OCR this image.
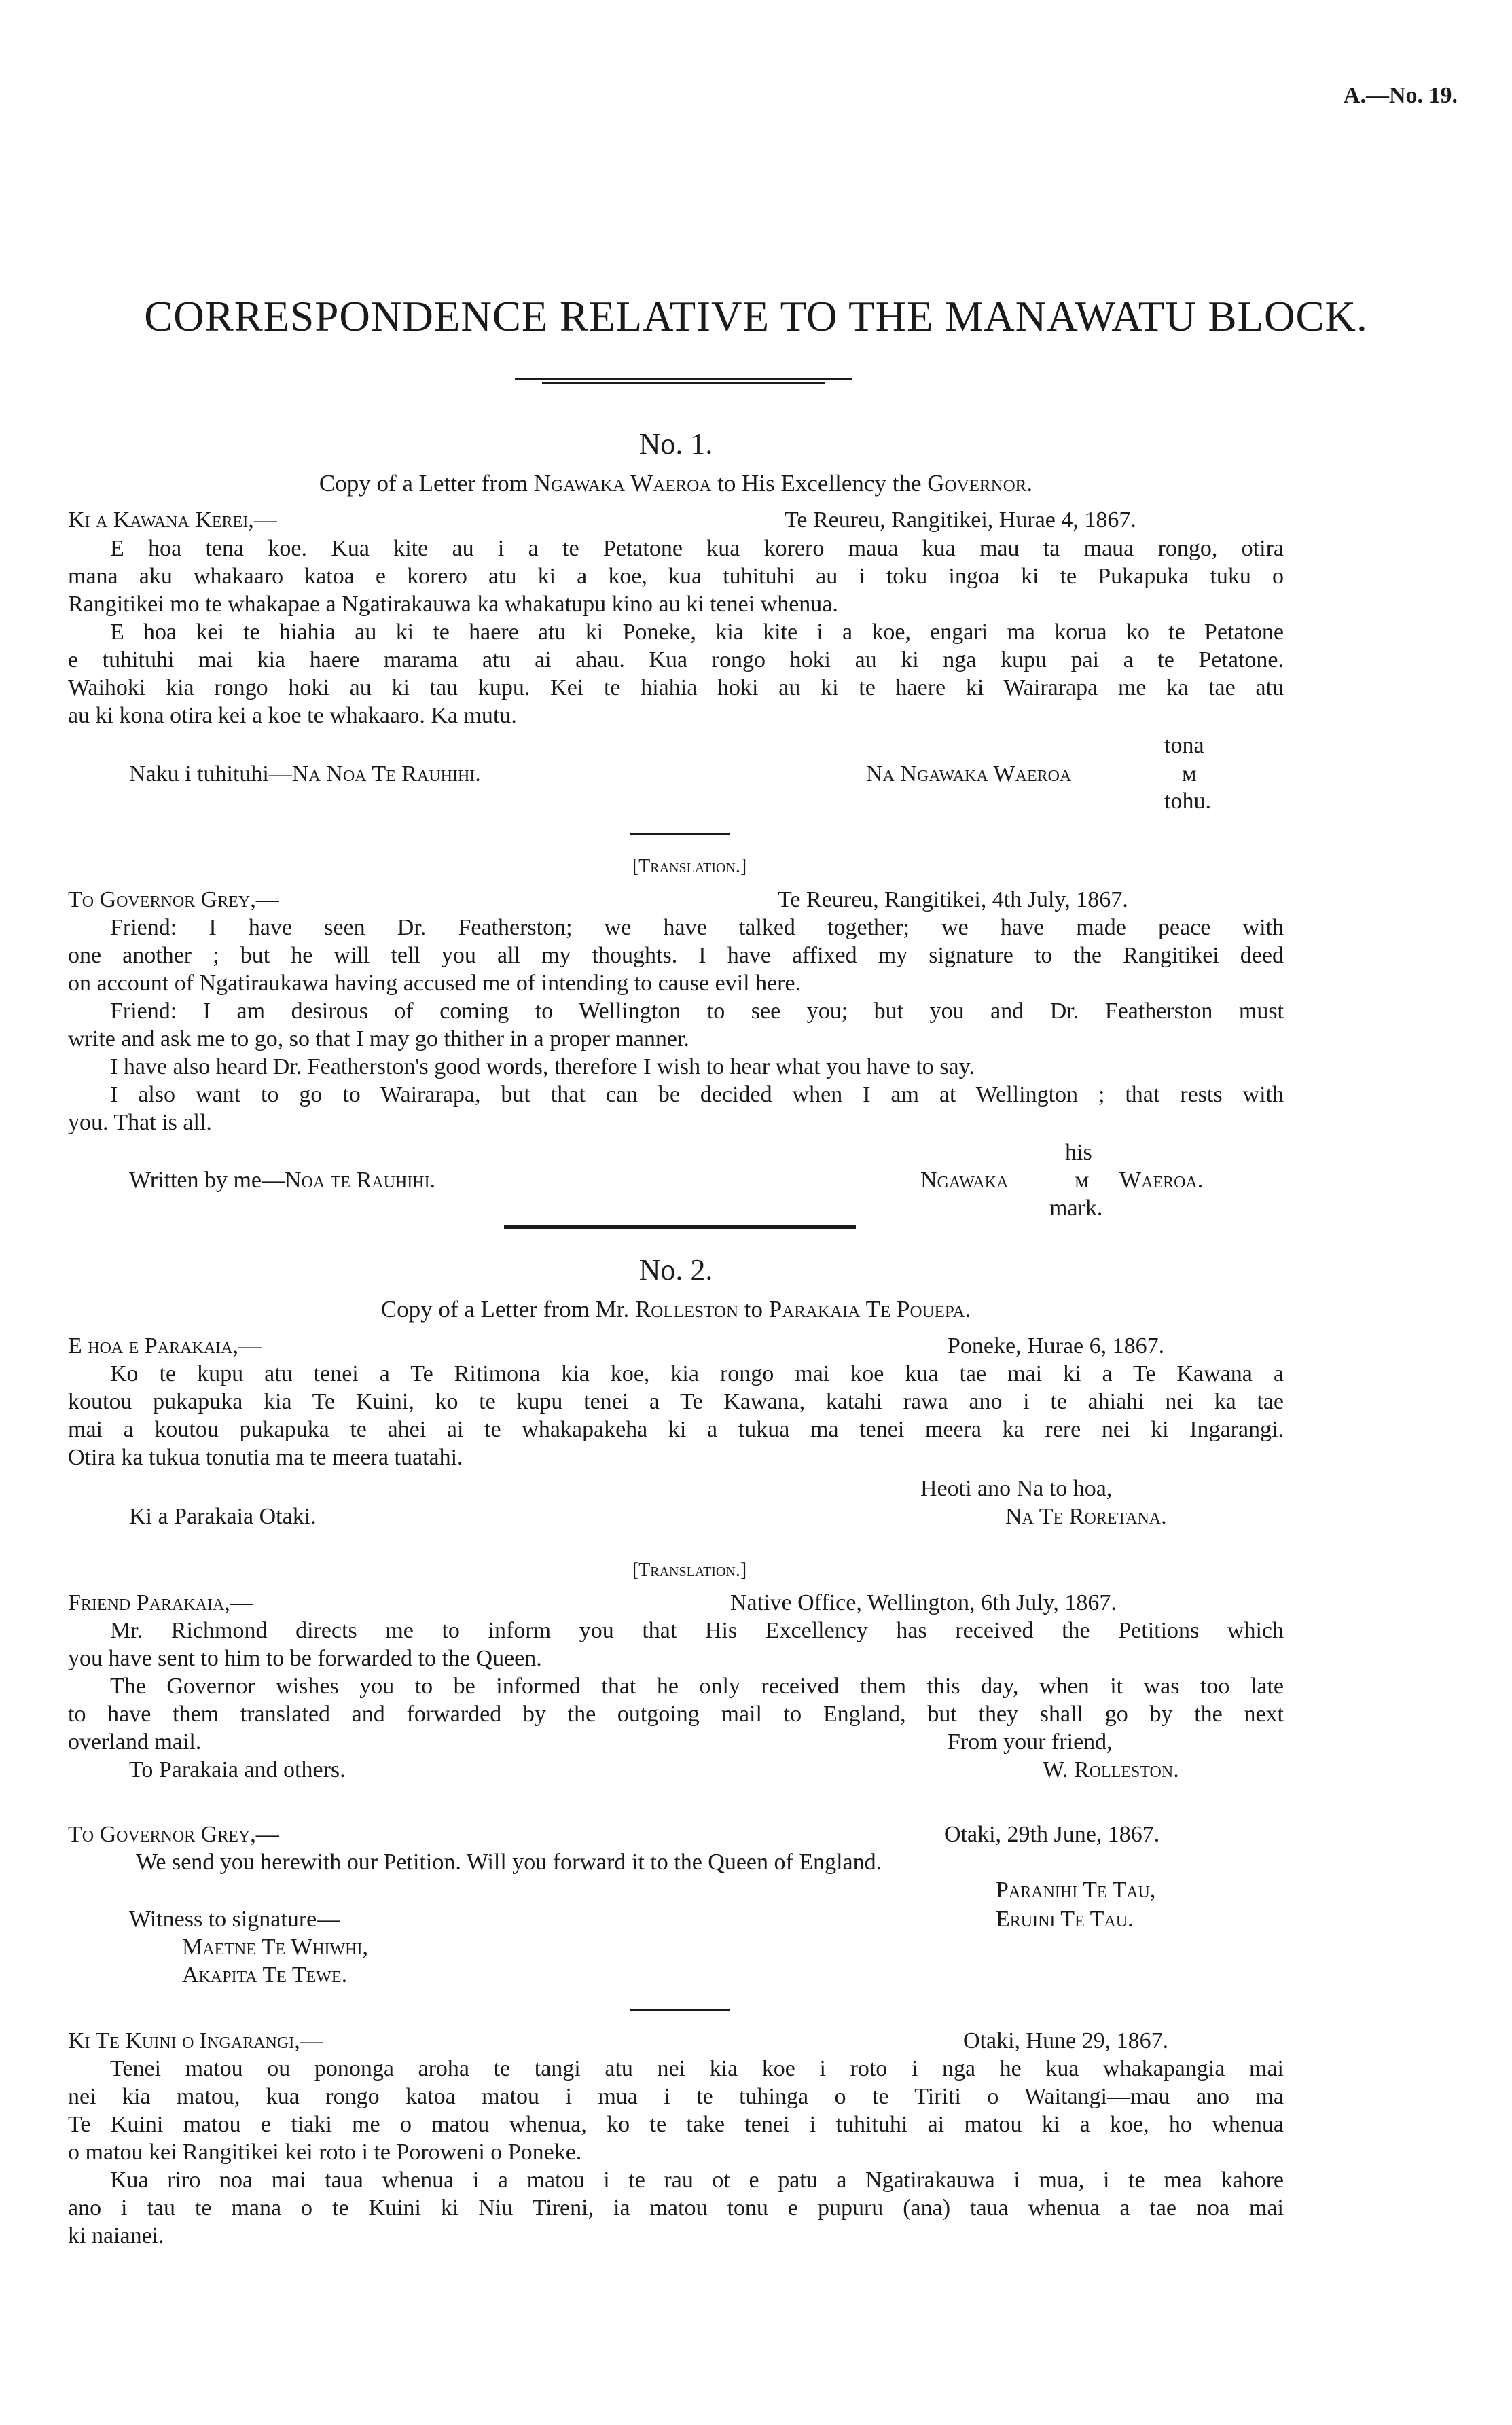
A.—No. 19.
CORRESPONDENCE RELATIVE TO THE MANAWATU BLOCK.
No. 1.
Copy of a Letter from Ngawaka Waeroa to His Excellency the Governor.
Ki a Kawana Kerei,—	Te Reureu, Rangitikei, Hurae 4, 1867.
E hoa tena koe. Kua kite au i a te Petatone kua korero maua kua mau ta maua rongo, otira
mana aku whakaaro katoa e korero atu ki a koe, kua tuhituhi au i toku ingoa ki te Pukapuka tuku o
Rangitikei mo te whakapae a Ngatirakauwa ka whakatupu kino au ki tenei whenua.
E hoa kei te hiahia au ki te haere atu ki Poneke, kia kite i a koe, engari ma korua ko te Petatone
e tuhituhi mai kia haere marama atu ai ahau. Kua rongo hoki au ki nga kupu pai a te Petatone.
Waihoki kia rongo hoki au ki tau kupu. Kei te hiahia hoki au ki te haere ki Wairarapa me ka tae atu
au ki kona otira kei a koe te whakaaro. Ka mutu.
tona
Naku i tuhituhi—Na Noa Te Rauhihi.	Na Ngawaka Waeroa	ᴍ
tohu.
[Translation.]
To Governor Grey,—	Te Reureu, Rangitikei, 4th July, 1867.
Friend: I have seen Dr. Featherston; we have talked together; we have made peace with
one another ; but he will tell you all my thoughts. I have affixed my signature to the Rangitikei deed
on account of Ngatiraukawa having accused me of intending to cause evil here.
Friend: I am desirous of coming to Wellington to see you; but you and Dr. Featherston must
write and ask me to go, so that I may go thither in a proper manner.
I have also heard Dr. Featherston's good words, therefore I wish to hear what you have to say.
I also want to go to Wairarapa, but that can be decided when I am at Wellington ; that rests with
you. That is all.
his
Written by me—Noa te Rauhihi.	Ngawaka	ᴍ	Waeroa.
mark.
No. 2.
Copy of a Letter from Mr. Rolleston to Parakaia Te Pouepa.
E hoa e Parakaia,—	Poneke, Hurae 6, 1867.
Ko te kupu atu tenei a Te Ritimona kia koe, kia rongo mai koe kua tae mai ki a Te Kawana a
koutou pukapuka kia Te Kuini, ko te kupu tenei a Te Kawana, katahi rawa ano i te ahiahi nei ka tae
mai a koutou pukapuka te ahei ai te whakapakeha ki a tukua ma tenei meera ka rere nei ki Ingarangi.
Otira ka tukua tonutia ma te meera tuatahi.
Heoti ano Na to hoa,
Ki a Parakaia Otaki.	Na Te Roretana.
[Translation.]
Friend Parakaia,—	Native Office, Wellington, 6th July, 1867.
Mr. Richmond directs me to inform you that His Excellency has received the Petitions which
you have sent to him to be forwarded to the Queen.
The Governor wishes you to be informed that he only received them this day, when it was too late
to have them translated and forwarded by the outgoing mail to England, but they shall go by the next
overland mail.	From your friend,
To Parakaia and others.	W. Rolleston.
To Governor Grey,—	Otaki, 29th June, 1867.
We send you herewith our Petition. Will you forward it to the Queen of England.
Paranihi Te Tau,
Witness to signature—	Eruini Te Tau.
Maetne Te Whiwhi,
Akapita Te Tewe.
Ki Te Kuini o Ingarangi,—	Otaki, Hune 29, 1867.
Tenei matou ou pononga aroha te tangi atu nei kia koe i roto i nga he kua whakapangia mai
nei kia matou, kua rongo katoa matou i mua i te tuhinga o te Tiriti o Waitangi—mau ano ma
Te Kuini matou e tiaki me o matou whenua, ko te take tenei i tuhituhi ai matou ki a koe, ho whenua
o matou kei Rangitikei kei roto i te Poroweni o Poneke.
Kua riro noa mai taua whenua i a matou i te rau ot e patu a Ngatirakauwa i mua, i te mea kahore
ano i tau te mana o te Kuini ki Niu Tireni, ia matou tonu e pupuru (ana) taua whenua a tae noa mai
ki naianei.
